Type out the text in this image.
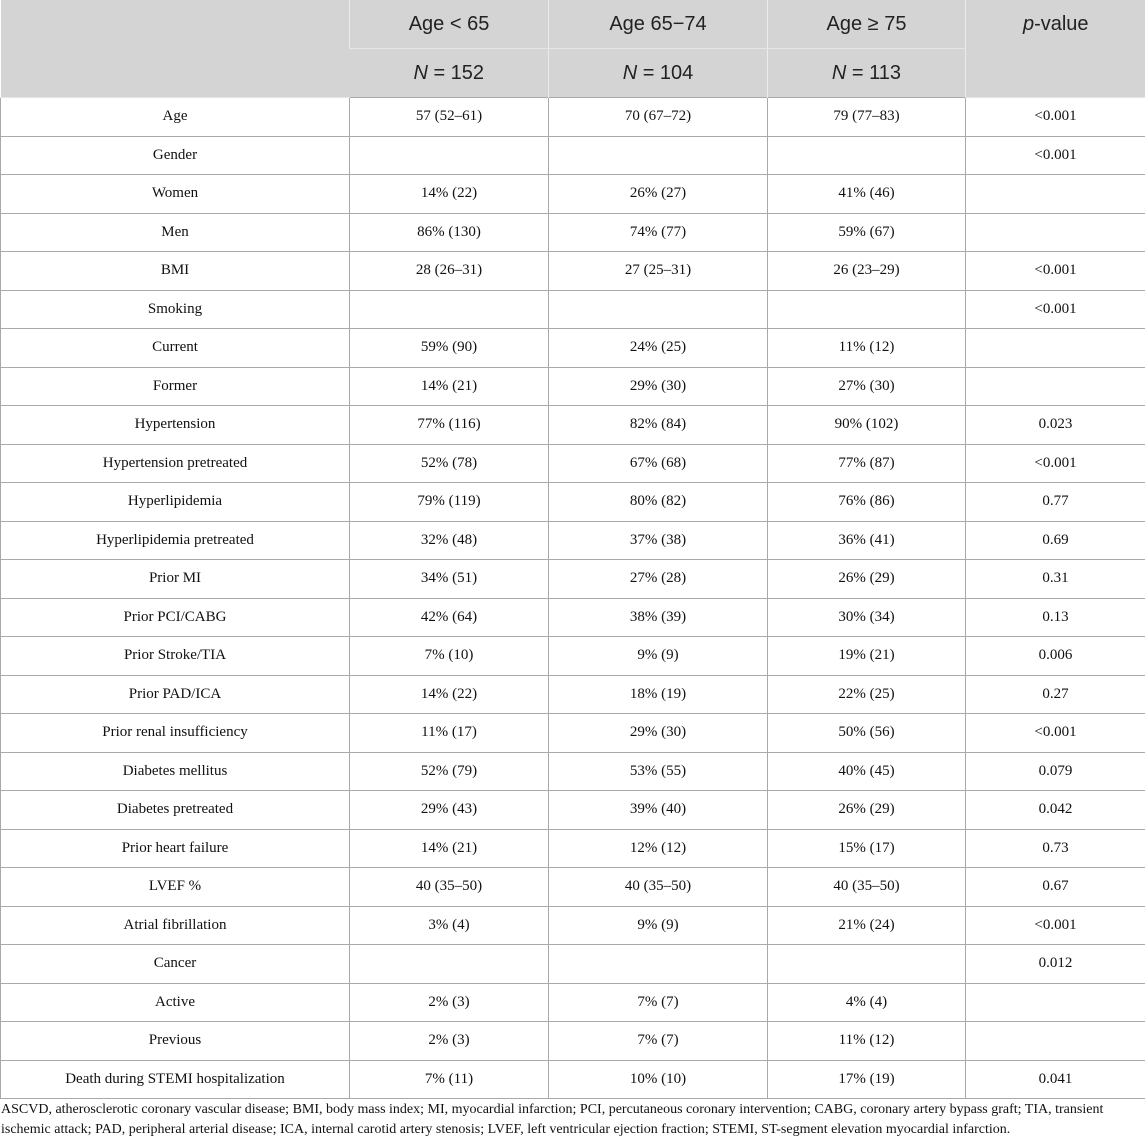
	Age < 65	Age 65−74	Age ≥ 75	p-value
	N = 152	N = 104	N = 113	
Age	57 (52–61)	70 (67–72)	79 (77–83)	<0.001
Gender				<0.001
Women	14% (22)	26% (27)	41% (46)	
Men	86% (130)	74% (77)	59% (67)	
BMI	28 (26–31)	27 (25–31)	26 (23–29)	<0.001
Smoking				<0.001
Current	59% (90)	24% (25)	11% (12)	
Former	14% (21)	29% (30)	27% (30)	
Hypertension	77% (116)	82% (84)	90% (102)	0.023
Hypertension pretreated	52% (78)	67% (68)	77% (87)	<0.001
Hyperlipidemia	79% (119)	80% (82)	76% (86)	0.77
Hyperlipidemia pretreated	32% (48)	37% (38)	36% (41)	0.69
Prior MI	34% (51)	27% (28)	26% (29)	0.31
Prior PCI/CABG	42% (64)	38% (39)	30% (34)	0.13
Prior Stroke/TIA	7% (10)	9% (9)	19% (21)	0.006
Prior PAD/ICA	14% (22)	18% (19)	22% (25)	0.27
Prior renal insufficiency	11% (17)	29% (30)	50% (56)	<0.001
Diabetes mellitus	52% (79)	53% (55)	40% (45)	0.079
Diabetes pretreated	29% (43)	39% (40)	26% (29)	0.042
Prior heart failure	14% (21)	12% (12)	15% (17)	0.73
LVEF %	40 (35–50)	40 (35–50)	40 (35–50)	0.67
Atrial fibrillation	3% (4)	9% (9)	21% (24)	<0.001
Cancer				0.012
Active	2% (3)	7% (7)	4% (4)	
Previous	2% (3)	7% (7)	11% (12)	
Death during STEMI hospitalization	7% (11)	10% (10)	17% (19)	0.041

ASCVD, atherosclerotic coronary vascular disease; BMI, body mass index; MI, myocardial infarction; PCI, percutaneous coronary intervention; CABG, coronary artery bypass graft; TIA, transient ischemic attack; PAD, peripheral arterial disease; ICA, internal carotid artery stenosis; LVEF, left ventricular ejection fraction; STEMI, ST-segment elevation myocardial infarction.
